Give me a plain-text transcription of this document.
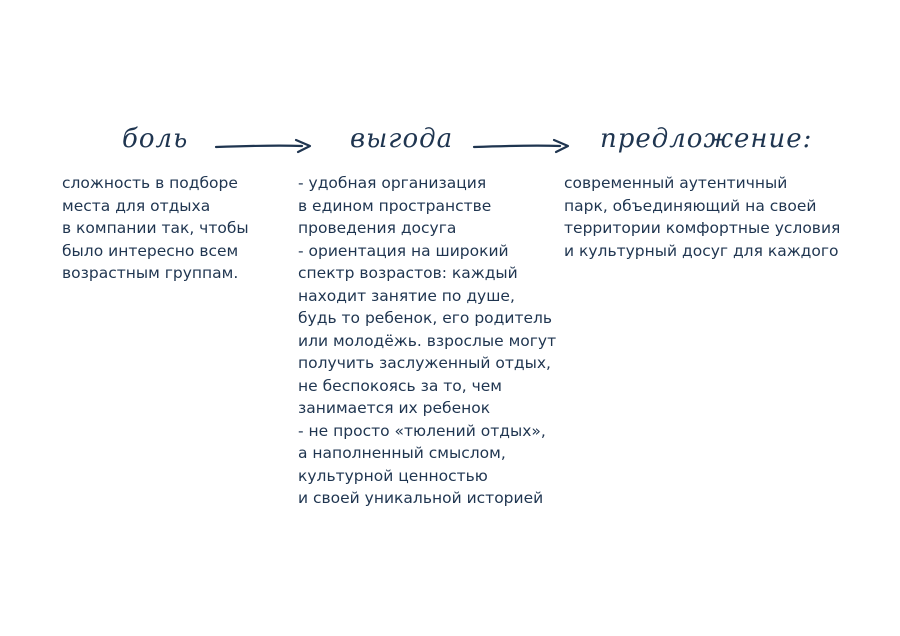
боль	выгода	предложение:

сложность в подборе
места для отдыха
в компании так, чтобы
было интересно всем
возрастным группам.

- удобная организация
в едином пространстве
проведения досуга
- ориентация на широкий
спектр возрастов: каждый
находит занятие по душе,
будь то ребенок, его родитель
или молодёжь. взрослые могут
получить заслуженный отдых,
не беспокоясь за то, чем
занимается их ребенок
- не просто «тюлений отдых»,
а наполненный смыслом,
культурной ценностью
и своей уникальной историей

современный аутентичный
парк, объединяющий на своей
территории комфортные условия
и культурный досуг для каждого
